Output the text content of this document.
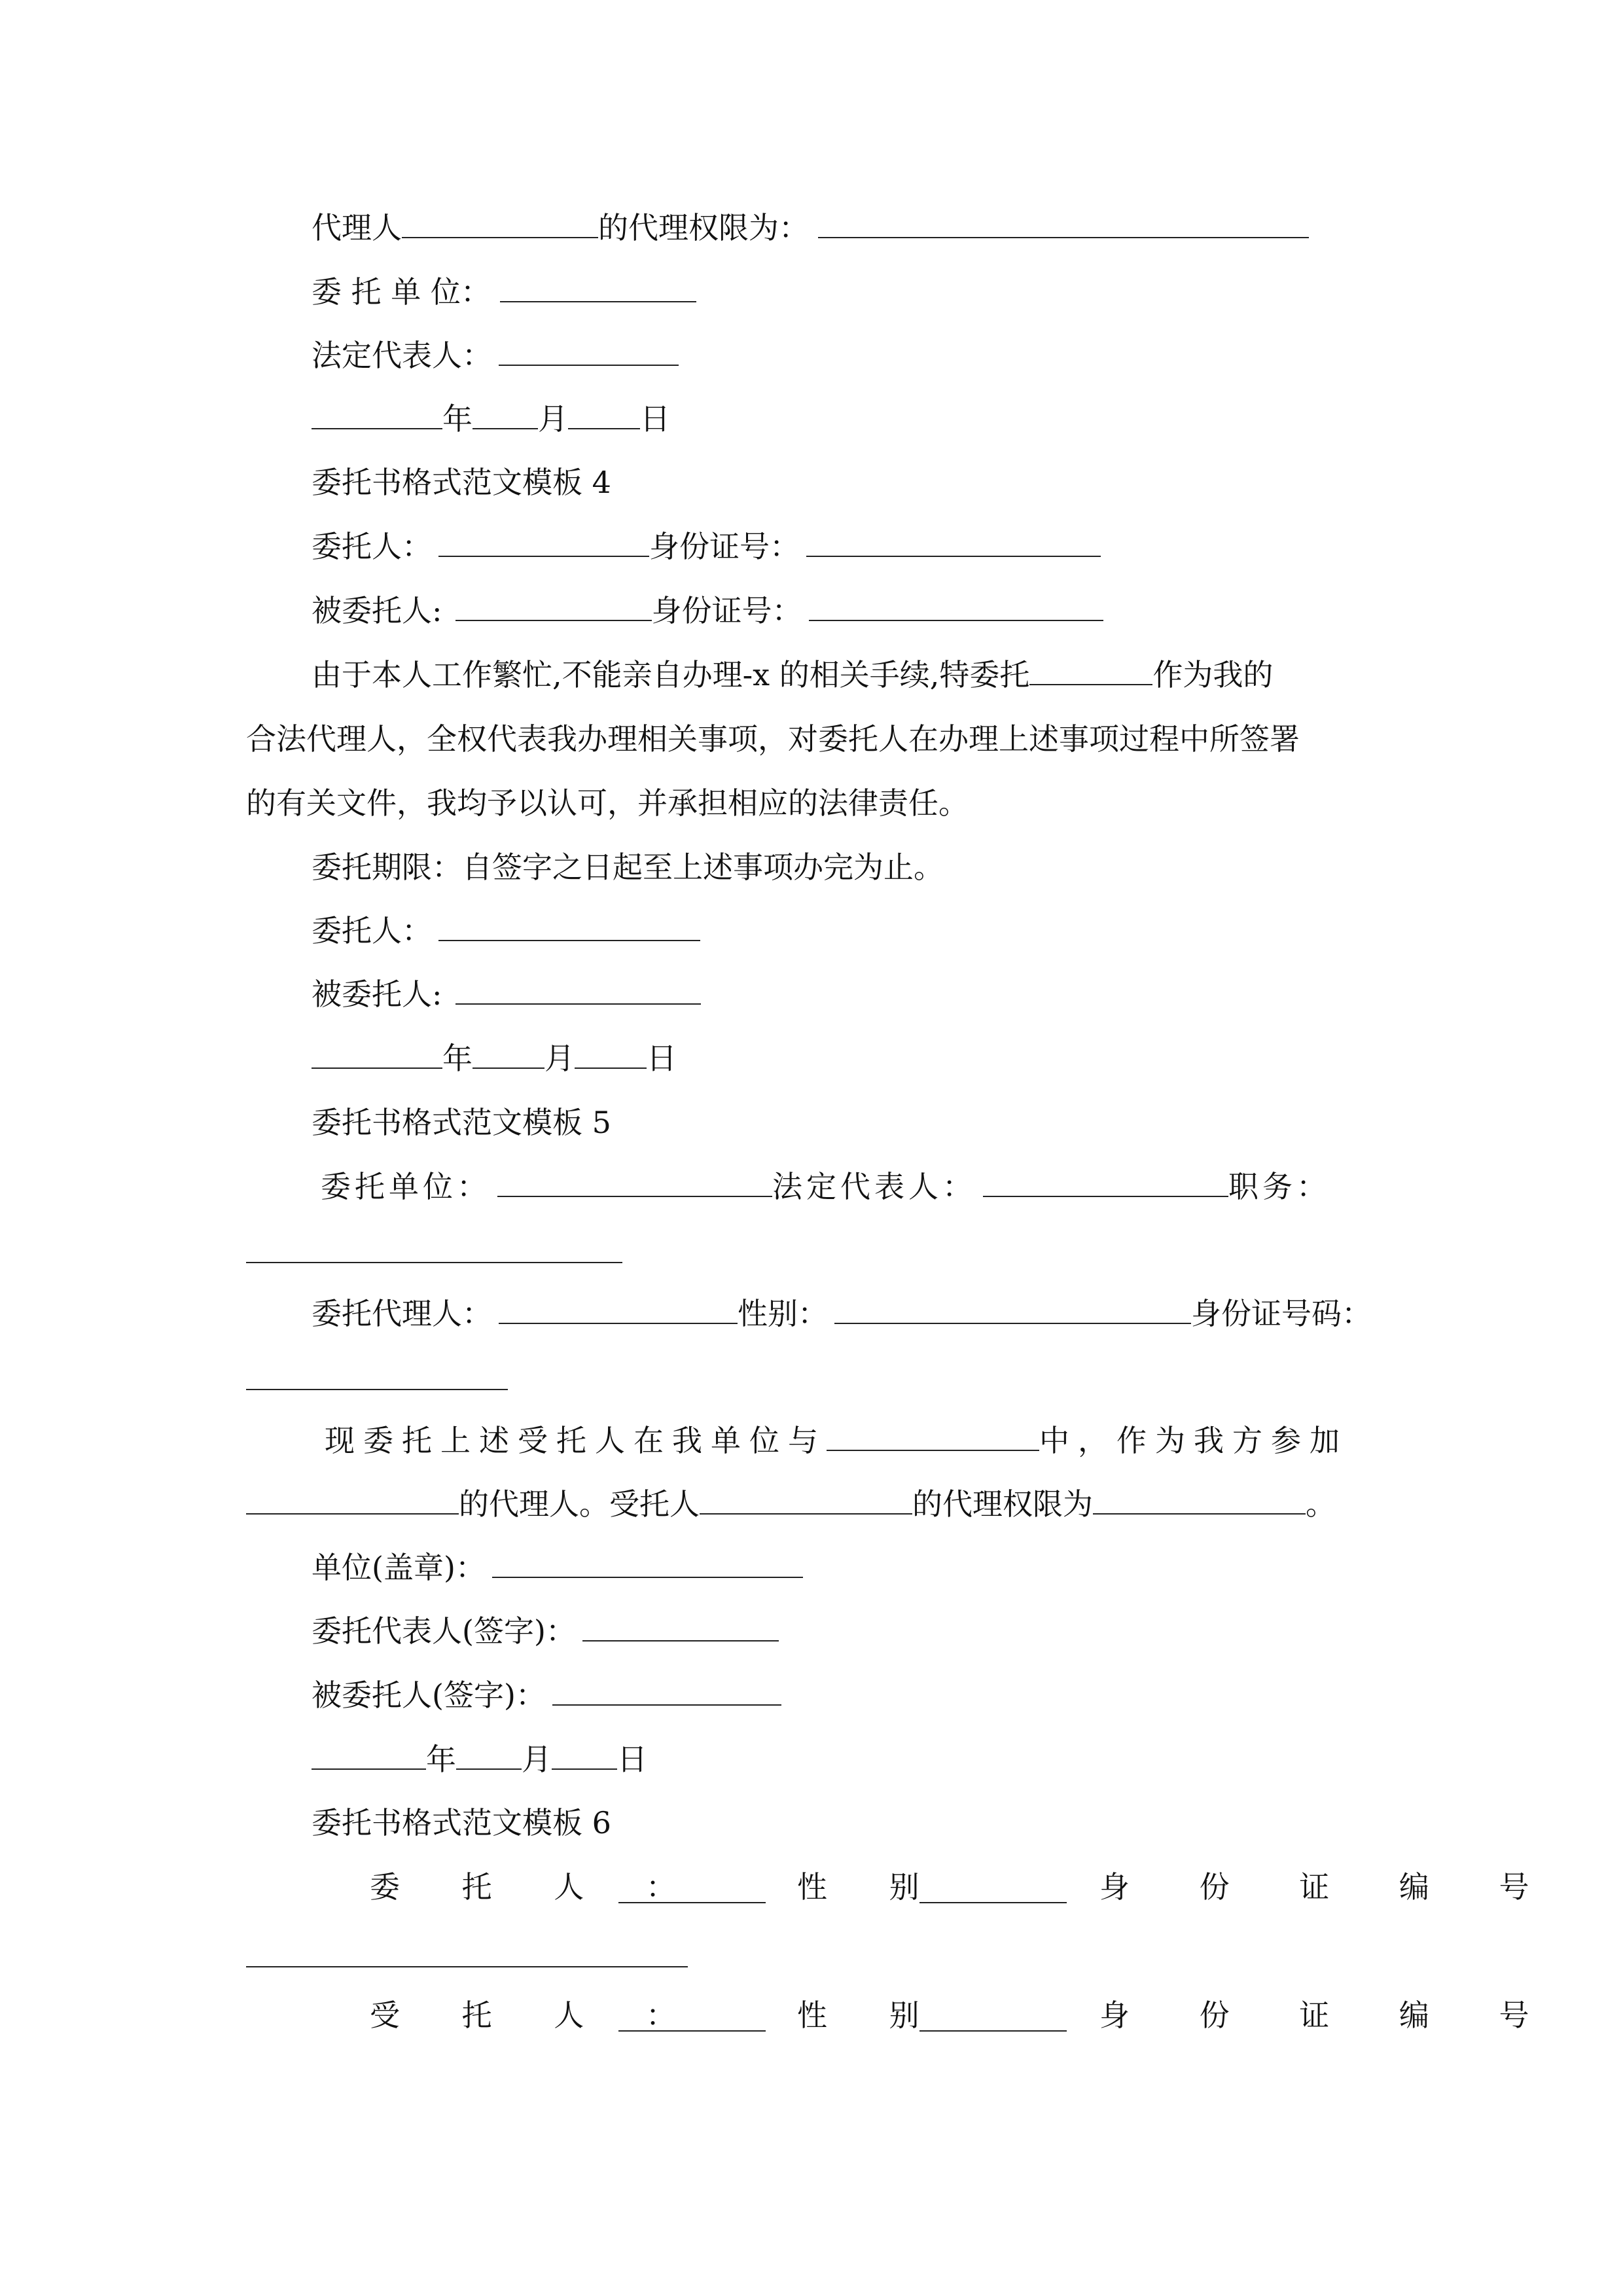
代理人	的代理权限为：
委 托 单 位：
法定代表人：
年 月 日
委托书格式范文模板 4
委托人：	身份证号：
被委托人:	身份证号：
由于本人工作繁忙,不能亲自办理-x 的相关手续,特委托	作为我的
合法代理人，全权代表我办理相关事项，对委托人在办理上述事项过程中所签署
的有关文件，我均予以认可，并承担相应的法律责任。
委托期限：自签字之日起至上述事项办完为止。
委托人：
被委托人:
年 月 日
委托书格式范文模板 5
委托单位：	法定代表人：	职务：
委托代理人：	性别：	身份证号码：
现委托上述受托人在我单位与	中，作为我方参加
的代理人。受托人	的代理权限为	。
单位(盖章)：
委托代表人(签字)：
被委托人(签字)：
年 月 日
委托书格式范文模板 6
委 托 人 ：	性 别	身 份 证 编 号
受 托 人 ：	性 别	身 份 证 编 号
